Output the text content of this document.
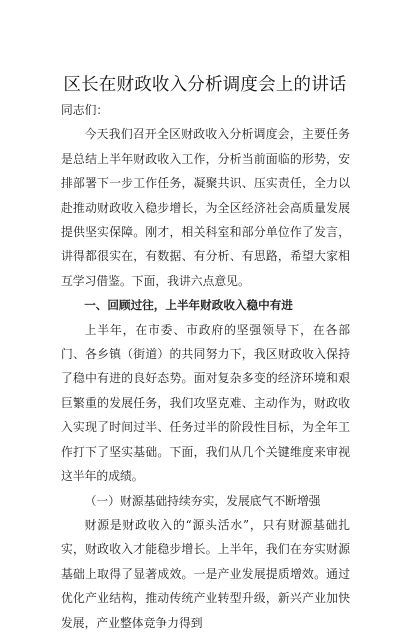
区长在财政收入分析调度会上的讲话

同志们：

今天我们召开全区财政收入分析调度会，主要任务是总结上半年财政收入工作，分析当前面临的形势，安排部署下一步工作任务，凝聚共识、压实责任，全力以赴推动财政收入稳步增长，为全区经济社会高质量发展提供坚实保障。刚才，相关科室和部分单位作了发言，讲得都很实在，有数据、有分析、有思路，希望大家相互学习借鉴。下面，我讲六点意见。

一、回顾过往，上半年财政收入稳中有进

上半年，在市委、市政府的坚强领导下，在各部门、各乡镇（街道）的共同努力下，我区财政收入保持了稳中有进的良好态势。面对复杂多变的经济环境和艰巨繁重的发展任务，我们攻坚克难、主动作为，财政收入实现了时间过半、任务过半的阶段性目标，为全年工作打下了坚实基础。下面，我们从几个关键维度来审视这半年的成绩。

（一）财源基础持续夯实，发展底气不断增强

财源是财政收入的“源头活水”，只有财源基础扎实，财政收入才能稳步增长。上半年，我们在夯实财源基础上取得了显著成效。一是产业发展提质增效。通过优化产业结构，推动传统产业转型升级，新兴产业加快发展，产业整体竞争力得到
